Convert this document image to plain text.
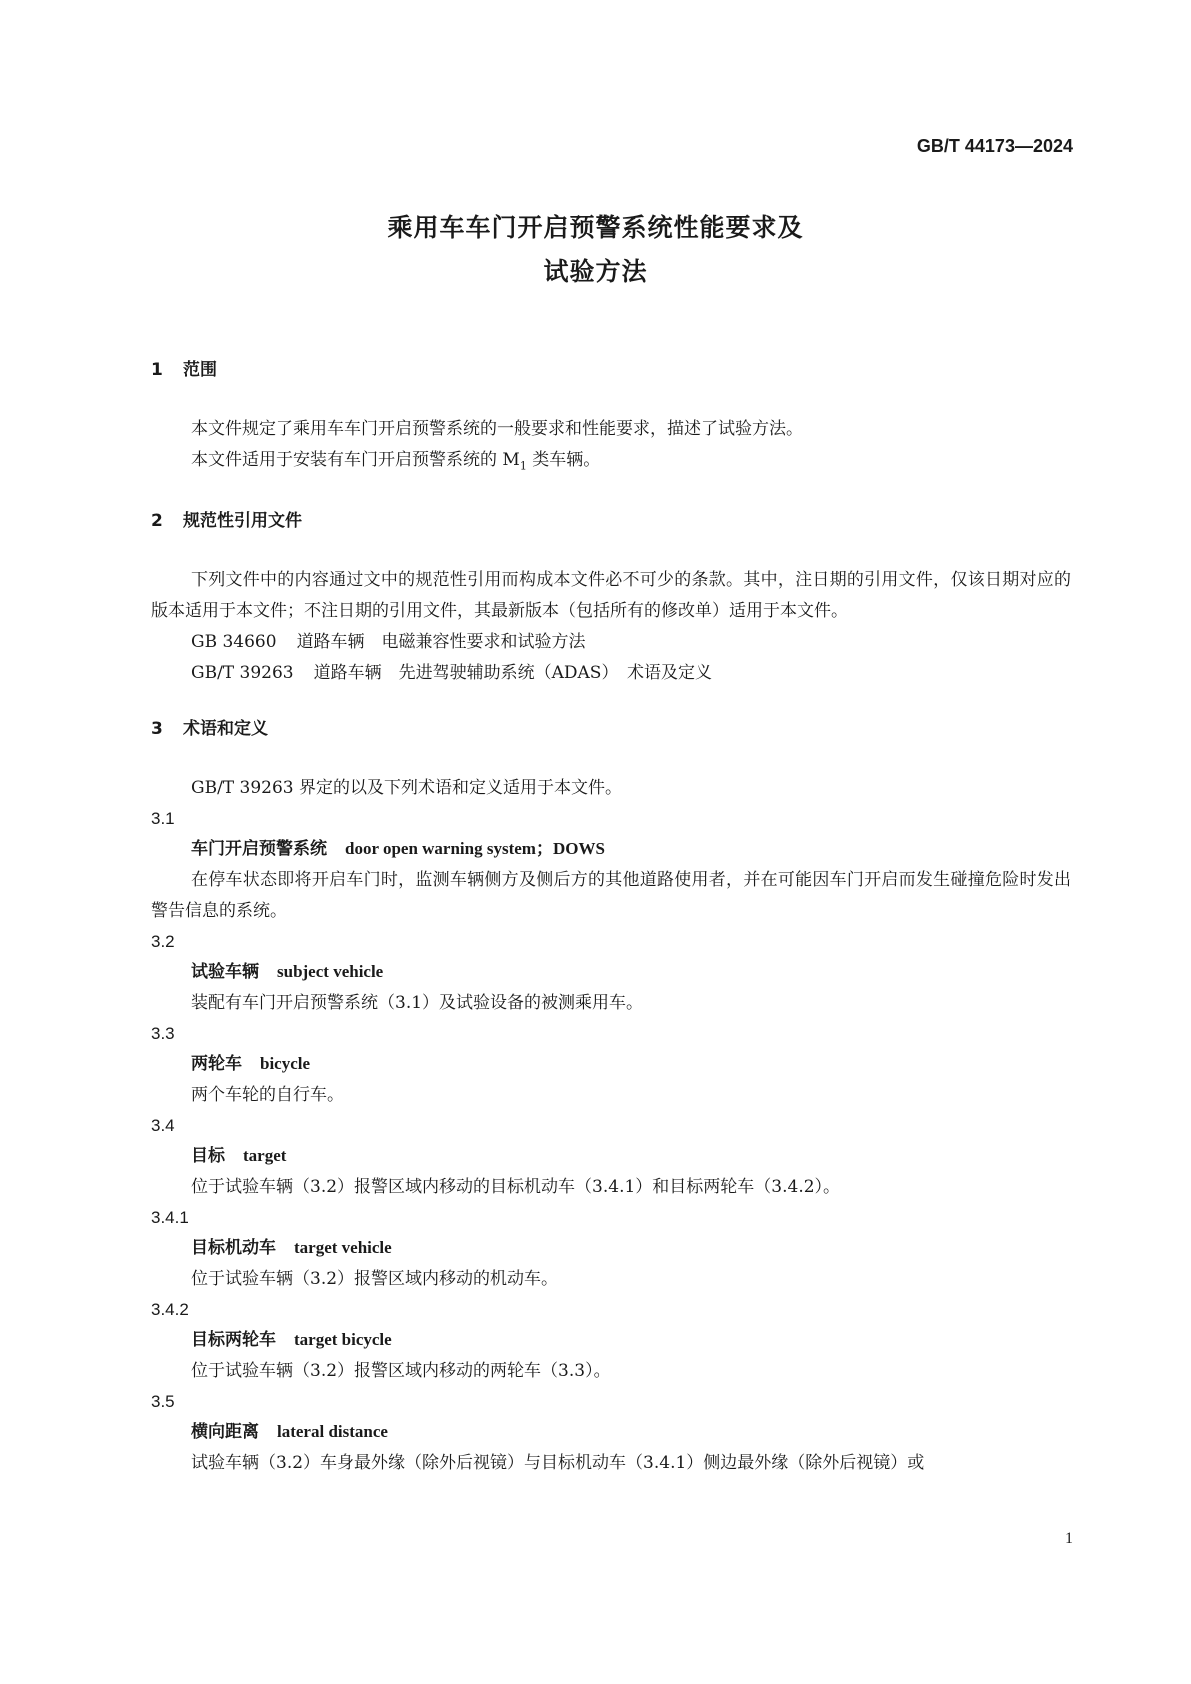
GB/T 44173—2024
乘用车车门开启预警系统性能要求及
试验方法
1 范围
本文件规定了乘用车车门开启预警系统的一般要求和性能要求，描述了试验方法。
本文件适用于安装有车门开启预警系统的 $M_1$ 类车辆。
2 规范性引用文件
下列文件中的内容通过文中的规范性引用而构成本文件必不可少的条款。其中，注日期的引用文件，仅该日期对应的版本适用于本文件；不注日期的引用文件，其最新版本（包括所有的修改单）适用于本文件。
GB 34660 道路车辆　电磁兼容性要求和试验方法
GB/T 39263 道路车辆　先进驾驶辅助系统（ADAS）　术语及定义
3 术语和定义
GB/T 39263 界定的以及下列术语和定义适用于本文件。
3.1
车门开启预警系统 door open warning system；DOWS
在停车状态即将开启车门时，监测车辆侧方及侧后方的其他道路使用者，并在可能因车门开启而发生碰撞危险时发出警告信息的系统。
3.2
试验车辆 subject vehicle
装配有车门开启预警系统（3.1）及试验设备的被测乘用车。
3.3
两轮车 bicycle
两个车轮的自行车。
3.4
目标 target
位于试验车辆（3.2）报警区域内移动的目标机动车（3.4.1）和目标两轮车（3.4.2）。
3.4.1
目标机动车 target vehicle
位于试验车辆（3.2）报警区域内移动的机动车。
3.4.2
目标两轮车 target bicycle
位于试验车辆（3.2）报警区域内移动的两轮车（3.3）。
3.5
横向距离 lateral distance
试验车辆（3.2）车身最外缘（除外后视镜）与目标机动车（3.4.1）侧边最外缘（除外后视镜）或
1
